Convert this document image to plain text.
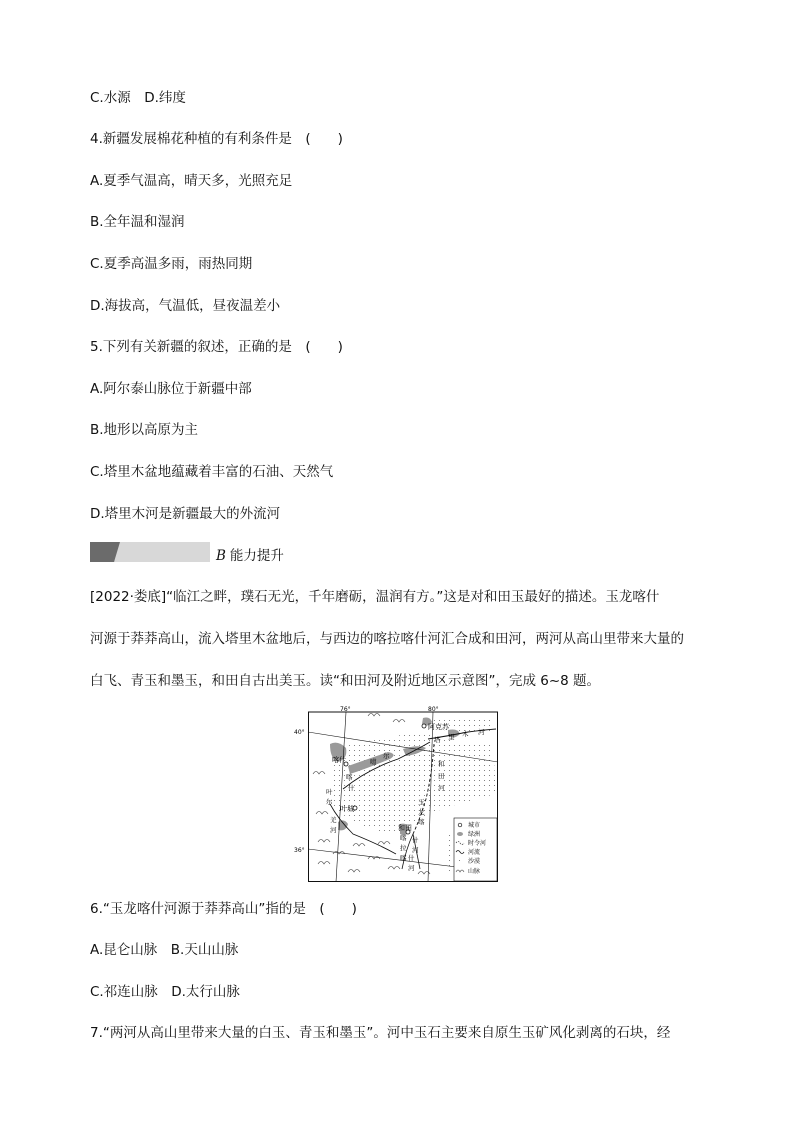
C.水源　D.纬度
4.新疆发展棉花种植的有利条件是　(　　)
A.夏季气温高，晴天多，光照充足
B.全年温和湿润
C.夏季高温多雨，雨热同期
D.海拔高，气温低，昼夜温差小
5.下列有关新疆的叙述，正确的是　(　　)
A.阿尔泰山脉位于新疆中部
B.地形以高原为主
C.塔里木盆地蕴藏着丰富的石油、天然气
D.塔里木河是新疆最大的外流河
B 能力提升
[2022·娄底]“临江之畔，璞石无光，千年磨砺，温润有方。”这是对和田玉最好的描述。玉龙喀什
河源于莽莽高山，流入塔里木盆地后，与西边的喀拉喀什河汇合成和田河，两河从高山里带来大量的
白飞、青玉和墨玉，和田自古出美玉。读“和田河及附近地区示意图”，完成 6~8 题。
76°	80°
40°
36°
阿克苏
喀什
叶城
和田
塔 里 木 河
喀
什
噶
尔
和
田
河
玉
龙
喀
什
河
喀
拉
喀 什
河
叶
尔
羌
河
城市
绿洲
时令河
河流
沙漠
山脉
6.“玉龙喀什河源于莽莽高山”指的是　(　　)
A.昆仑山脉　B.天山山脉
C.祁连山脉　D.太行山脉
7.“两河从高山里带来大量的白玉、青玉和墨玉”。河中玉石主要来自原生玉矿风化剥离的石块，经
